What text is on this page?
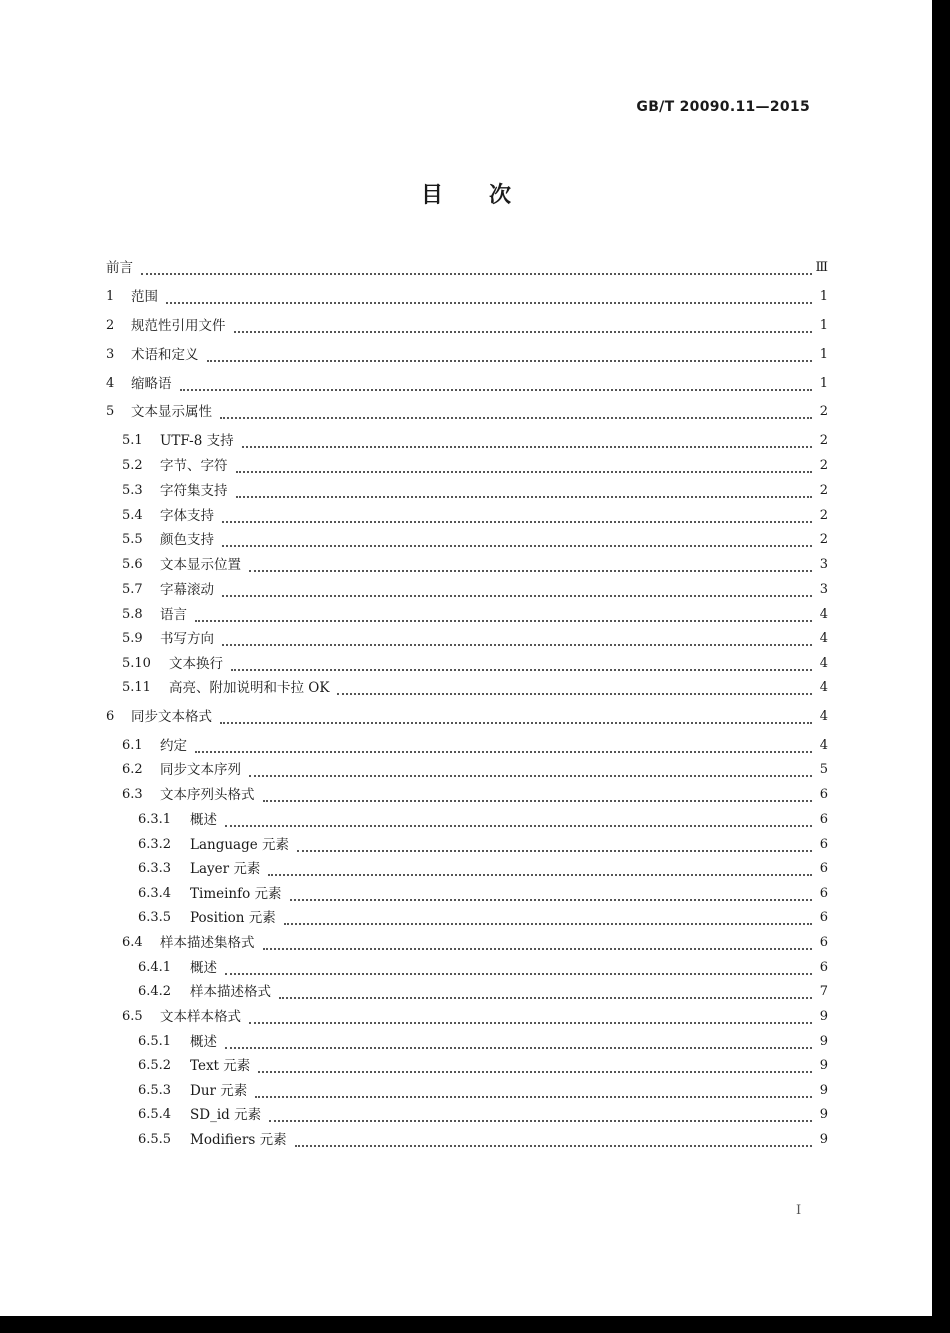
GB/T 20090.11—2015
目次
前言	Ⅲ
1 范围	1
2 规范性引用文件	1
3 术语和定义	1
4 缩略语	1
5 文本显示属性	2
5.1 UTF-8 支持	2
5.2 字节、字符	2
5.3 字符集支持	2
5.4 字体支持	2
5.5 颜色支持	2
5.6 文本显示位置	3
5.7 字幕滚动	3
5.8 语言	4
5.9 书写方向	4
5.10 文本换行	4
5.11 高亮、附加说明和卡拉 OK	4
6 同步文本格式	4
6.1 约定	4
6.2 同步文本序列	5
6.3 文本序列头格式	6
6.3.1 概述	6
6.3.2 Language 元素	6
6.3.3 Layer 元素	6
6.3.4 Timeinfo 元素	6
6.3.5 Position 元素	6
6.4 样本描述集格式	6
6.4.1 概述	6
6.4.2 样本描述格式	7
6.5 文本样本格式	9
6.5.1 概述	9
6.5.2 Text 元素	9
6.5.3 Dur 元素	9
6.5.4 SD_id 元素	9
6.5.5 Modifiers 元素	9
I
